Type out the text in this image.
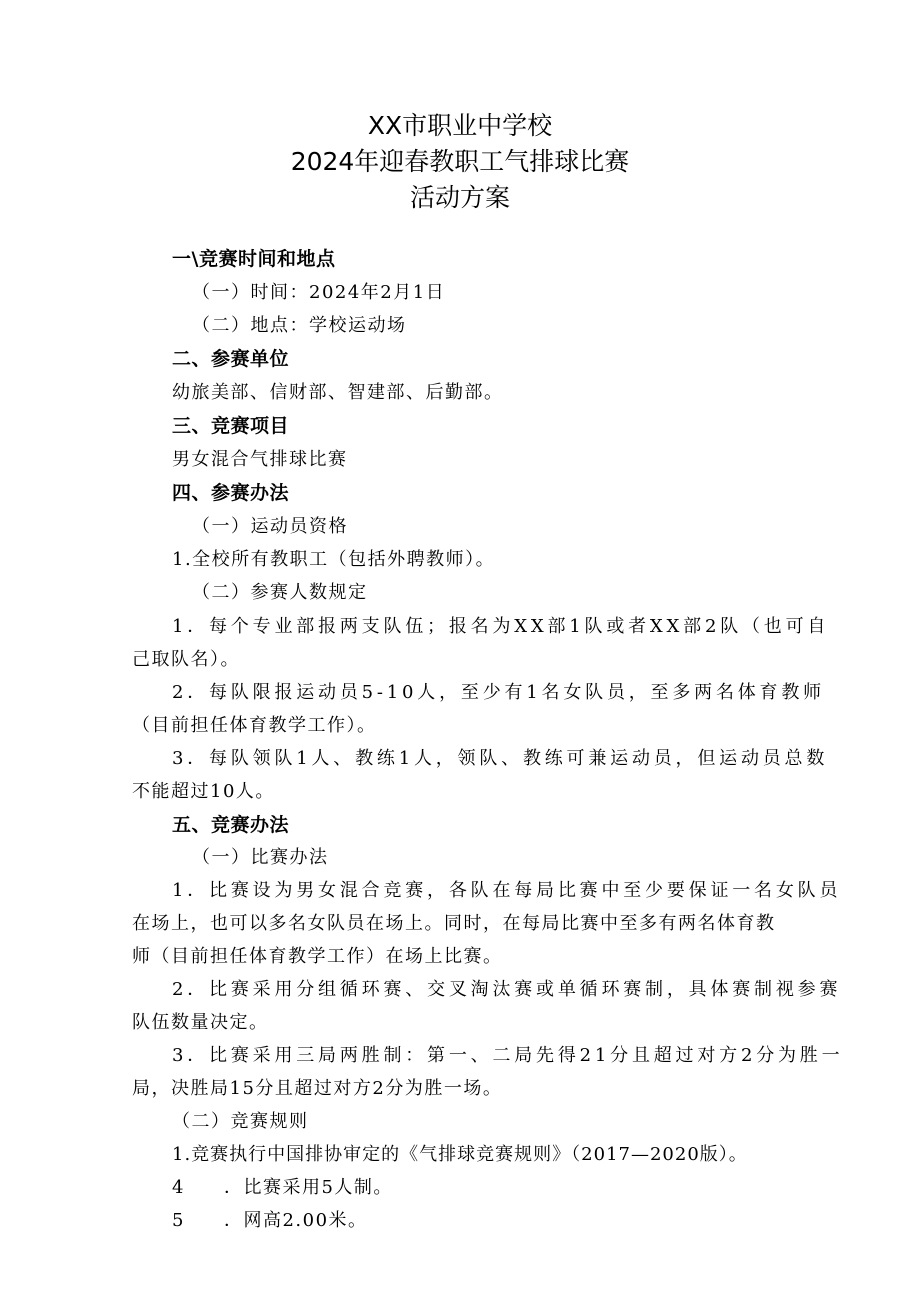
XX市职业中学校
2024年迎春教职工气排球比赛
活动方案
一\竞赛时间和地点
（一）时间：2024年2月1日
（二）地点：学校运动场
二、参赛单位
幼旅美部、信财部、智建部、后勤部。
三、竞赛项目
男女混合气排球比赛
四、参赛办法
（一）运动员资格
1.全校所有教职工（包括外聘教师）。
（二）参赛人数规定
1．每个专业部报两支队伍；报名为XX部1队或者XX部2队（也可自
己取队名）。
2．每队限报运动员5-10人，至少有1名女队员，至多两名体育教师
（目前担任体育教学工作）。
3．每队领队1人、教练1人，领队、教练可兼运动员，但运动员总数
不能超过10人。
五、竞赛办法
（一）比赛办法
1．比赛设为男女混合竞赛，各队在每局比赛中至少要保证一名女队员
在场上，也可以多名女队员在场上。同时，在每局比赛中至多有两名体育教
师（目前担任体育教学工作）在场上比赛。
2．比赛采用分组循环赛、交叉淘汰赛或单循环赛制，具体赛制视参赛
队伍数量决定。
3．比赛采用三局两胜制：第一、二局先得21分且超过对方2分为胜一
局，决胜局15分且超过对方2分为胜一场。
（二）竞赛规则
1.竞赛执行中国排协审定的《气排球竞赛规则》（2017—2020版）。
4　　．比赛采用5人制。
5　　．网高2.00米。
